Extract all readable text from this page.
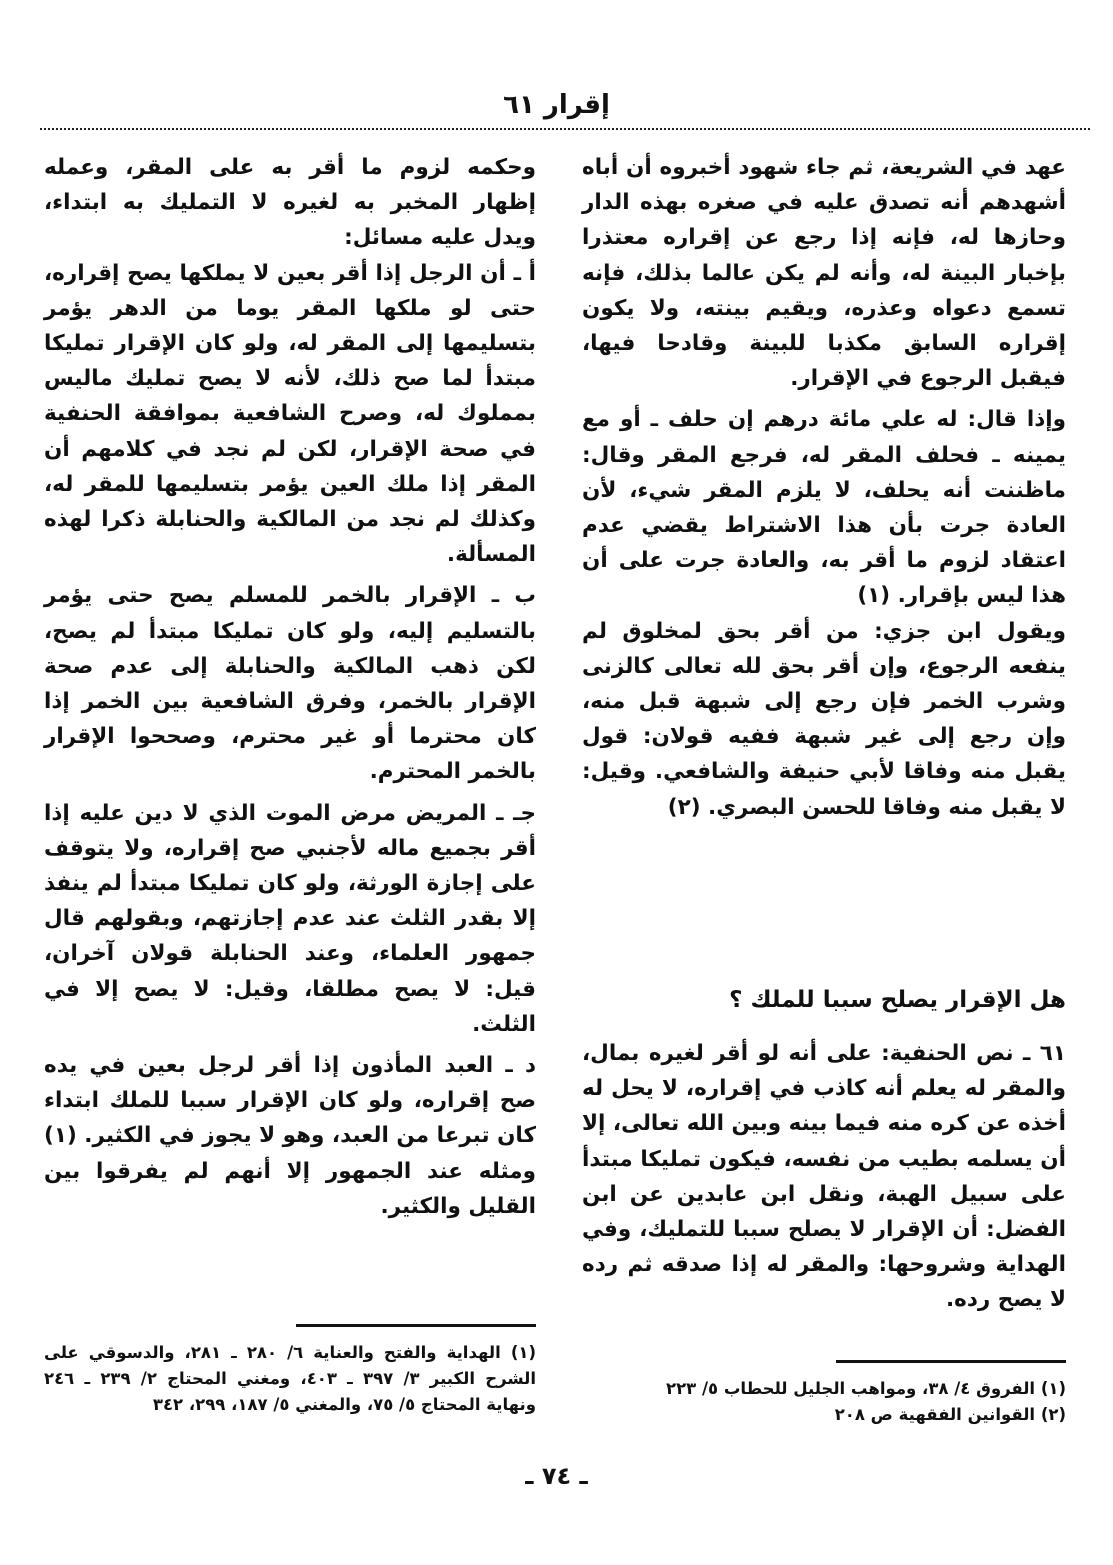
إقرار ٦١

عهد في الشريعة، ثم جاء شهود أخبروه أن أباه أشهدهم أنه تصدق عليه في صغره بهذه الدار وحازها له، فإنه إذا رجع عن إقراره معتذرا بإخبار البينة له، وأنه لم يكن عالما بذلك، فإنه تسمع دعواه وعذره، ويقيم بينته، ولا يكون إقراره السابق مكذبا للبينة وقادحا فيها، فيقبل الرجوع في الإقرار.

وإذا قال: له علي مائة درهم إن حلف ـ أو مع يمينه ـ فحلف المقر له، فرجع المقر وقال: ماظننت أنه يحلف، لا يلزم المقر شيء، لأن العادة جرت بأن هذا الاشتراط يقضي عدم اعتقاد لزوم ما أقر به، والعادة جرت على أن هذا ليس بإقرار. (١)

ويقول ابن جزي: من أقر بحق لمخلوق لم ينفعه الرجوع، وإن أقر بحق لله تعالى كالزنى وشرب الخمر فإن رجع إلى شبهة قبل منه، وإن رجع إلى غير شبهة ففيه قولان: قول يقبل منه وفاقا لأبي حنيفة والشافعي. وقيل: لا يقبل منه وفاقا للحسن البصري. (٢)

هل الإقرار يصلح سببا للملك ؟

٦١ ـ نص الحنفية: على أنه لو أقر لغيره بمال، والمقر له يعلم أنه كاذب في إقراره، لا يحل له أخذه عن كره منه فيما بينه وبين الله تعالى، إلا أن يسلمه بطيب من نفسه، فيكون تمليكا مبتدأ على سبيل الهبة، ونقل ابن عابدين عن ابن الفضل: أن الإقرار لا يصلح سببا للتمليك، وفي الهداية وشروحها: والمقر له إذا صدقه ثم رده لا يصح رده.

(١) الفروق ٤/ ٣٨، ومواهب الجليل للحطاب ٥/ ٢٢٣

(٢) القوانين الفقهية ص ٢٠٨

وحكمه لزوم ما أقر به على المقر، وعمله إظهار المخبر به لغيره لا التمليك به ابتداء، ويدل عليه مسائل:

أ ـ أن الرجل إذا أقر بعين لا يملكها يصح إقراره، حتى لو ملكها المقر يوما من الدهر يؤمر بتسليمها إلى المقر له، ولو كان الإقرار تمليكا مبتدأ لما صح ذلك، لأنه لا يصح تمليك ماليس بمملوك له، وصرح الشافعية بموافقة الحنفية في صحة الإقرار، لكن لم نجد في كلامهم أن المقر إذا ملك العين يؤمر بتسليمها للمقر له، وكذلك لم نجد من المالكية والحنابلة ذكرا لهذه المسألة.

ب ـ الإقرار بالخمر للمسلم يصح حتى يؤمر بالتسليم إليه، ولو كان تمليكا مبتدأ لم يصح، لكن ذهب المالكية والحنابلة إلى عدم صحة الإقرار بالخمر، وفرق الشافعية بين الخمر إذا كان محترما أو غير محترم، وصححوا الإقرار بالخمر المحترم.

جـ ـ المريض مرض الموت الذي لا دين عليه إذا أقر بجميع ماله لأجنبي صح إقراره، ولا يتوقف على إجازة الورثة، ولو كان تمليكا مبتدأ لم ينفذ إلا بقدر الثلث عند عدم إجازتهم، وبقولهم قال جمهور العلماء، وعند الحنابلة قولان آخران، قيل: لا يصح مطلقا، وقيل: لا يصح إلا في الثلث.

د ـ العبد المأذون إذا أقر لرجل بعين في يده صح إقراره، ولو كان الإقرار سببا للملك ابتداء كان تبرعا من العبد، وهو لا يجوز في الكثير. (١) ومثله عند الجمهور إلا أنهم لم يفرقوا بين القليل والكثير.

(١) الهداية والفتح والعناية ٦/ ٢٨٠ ـ ٢٨١، والدسوقي على الشرح الكبير ٣/ ٣٩٧ ـ ٤٠٣، ومغني المحتاج ٢/ ٢٣٩ ـ ٢٤٦ ونهاية المحتاج ٥/ ٧٥، والمغني ٥/ ١٨٧، ٢٩٩، ٣٤٢

ـ ٧٤ ـ
